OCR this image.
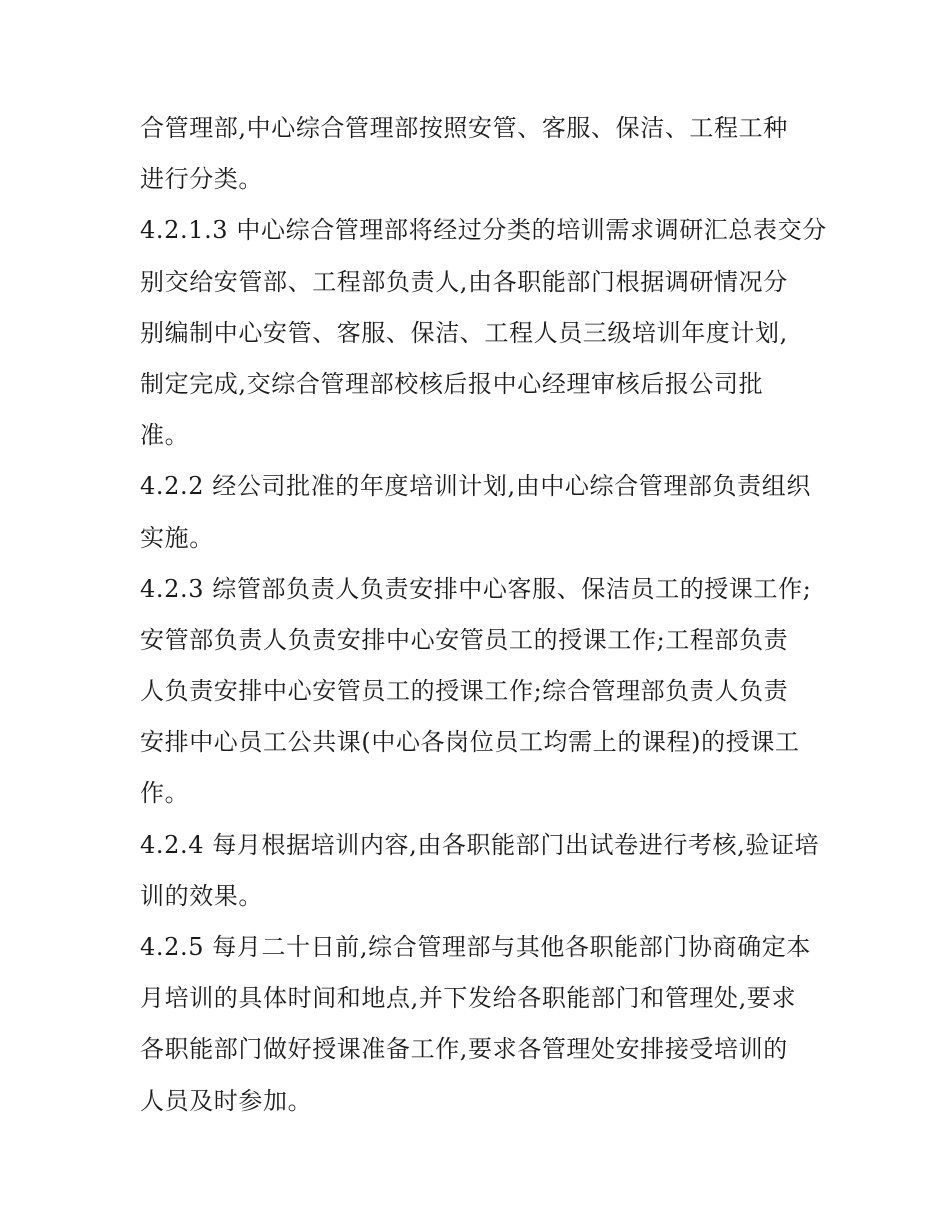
合管理部,中心综合管理部按照安管、客服、保洁、工程工种
进行分类。
4.2.1.3 中心综合管理部将经过分类的培训需求调研汇总表交分
别交给安管部、工程部负责人,由各职能部门根据调研情况分
别编制中心安管、客服、保洁、工程人员三级培训年度计划,
制定完成,交综合管理部校核后报中心经理审核后报公司批
准。
4.2.2 经公司批准的年度培训计划,由中心综合管理部负责组织
实施。
4.2.3 综管部负责人负责安排中心客服、保洁员工的授课工作;
安管部负责人负责安排中心安管员工的授课工作;工程部负责
人负责安排中心安管员工的授课工作;综合管理部负责人负责
安排中心员工公共课(中心各岗位员工均需上的课程)的授课工
作。
4.2.4 每月根据培训内容,由各职能部门出试卷进行考核,验证培
训的效果。
4.2.5 每月二十日前,综合管理部与其他各职能部门协商确定本
月培训的具体时间和地点,并下发给各职能部门和管理处,要求
各职能部门做好授课准备工作,要求各管理处安排接受培训的
人员及时参加。
